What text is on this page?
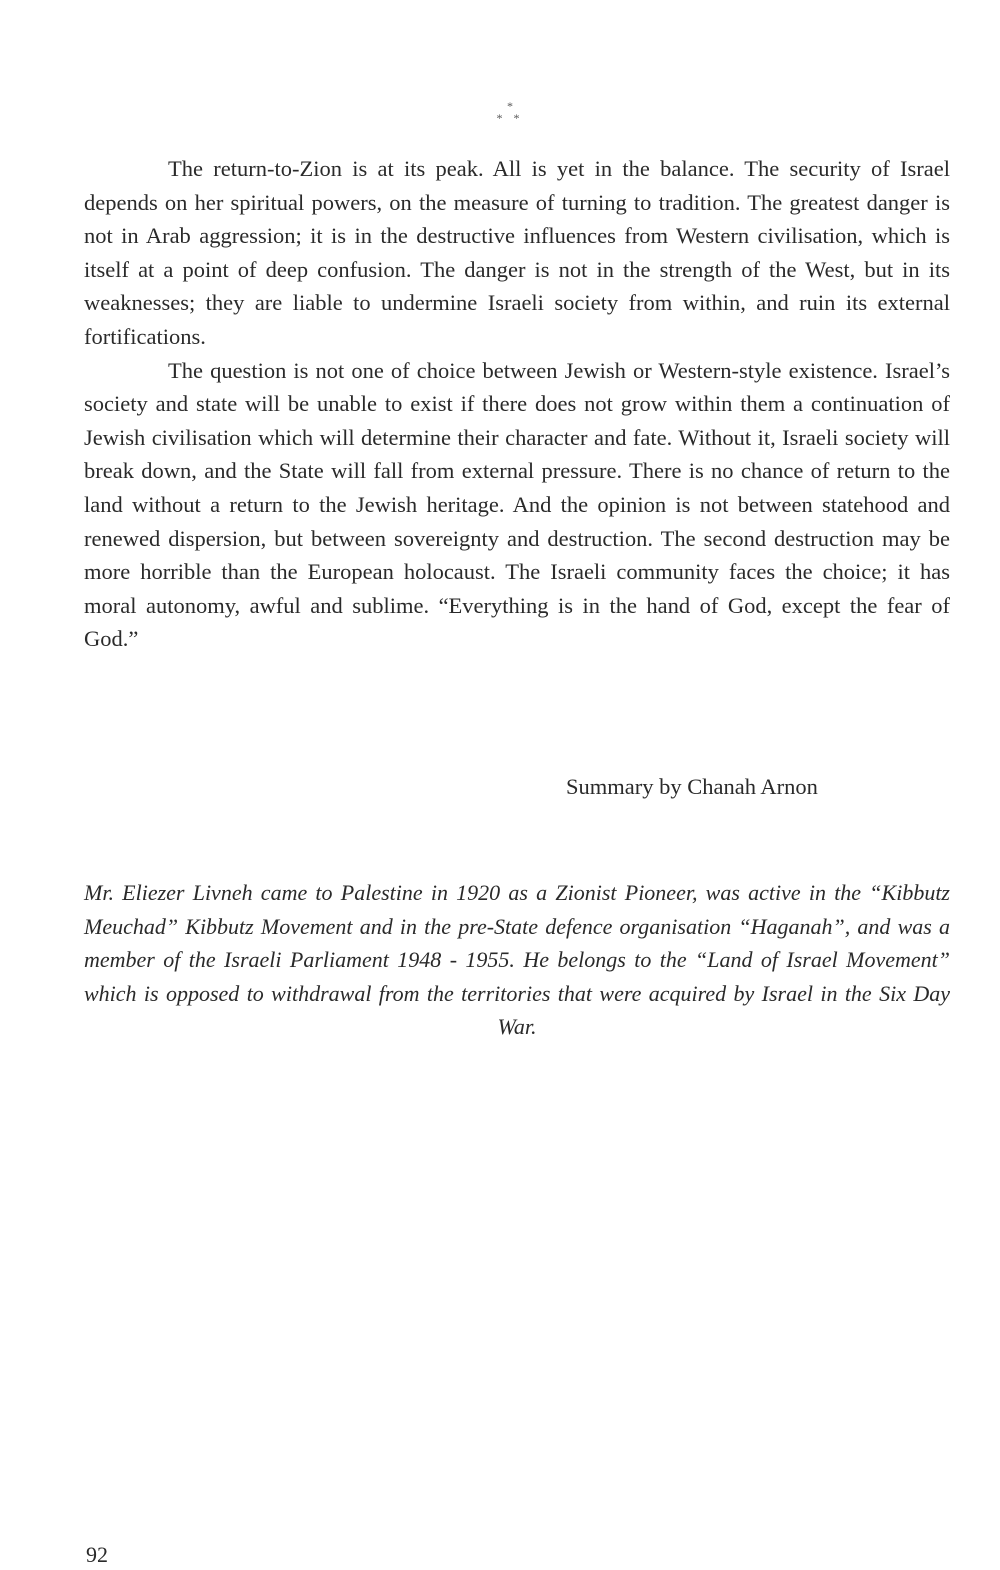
*
* *

The return-to-Zion is at its peak. All is yet in the balance. The security of Israel depends on her spiritual powers, on the measure of turning to tradition. The greatest danger is not in Arab aggression; it is in the destructive influences from Western civilisation, which is itself at a point of deep confusion. The danger is not in the strength of the West, but in its weaknesses; they are liable to undermine Israeli society from within, and ruin its external fortifications.

The question is not one of choice between Jewish or Western-style existence. Israel’s society and state will be unable to exist if there does not grow within them a continuation of Jewish civilisation which will determine their character and fate. Without it, Israeli society will break down, and the State will fall from external pressure. There is no chance of return to the land without a return to the Jewish heritage. And the opinion is not between statehood and renewed dispersion, but between sovereignty and destruction. The second destruction may be more horrible than the European holocaust. The Israeli community faces the choice; it has moral autonomy, awful and sublime. “Everything is in the hand of God, except the fear of God.”

Summary by Chanah Arnon

Mr. Eliezer Livneh came to Palestine in 1920 as a Zionist Pioneer, was active in the “Kibbutz Meuchad” Kibbutz Movement and in the pre-State defence organisation “Haganah”, and was a member of the Israeli Parliament 1948 - 1955. He belongs to the “Land of Israel Movement” which is opposed to withdrawal from the territories that were acquired by Israel in the Six Day War.

92
